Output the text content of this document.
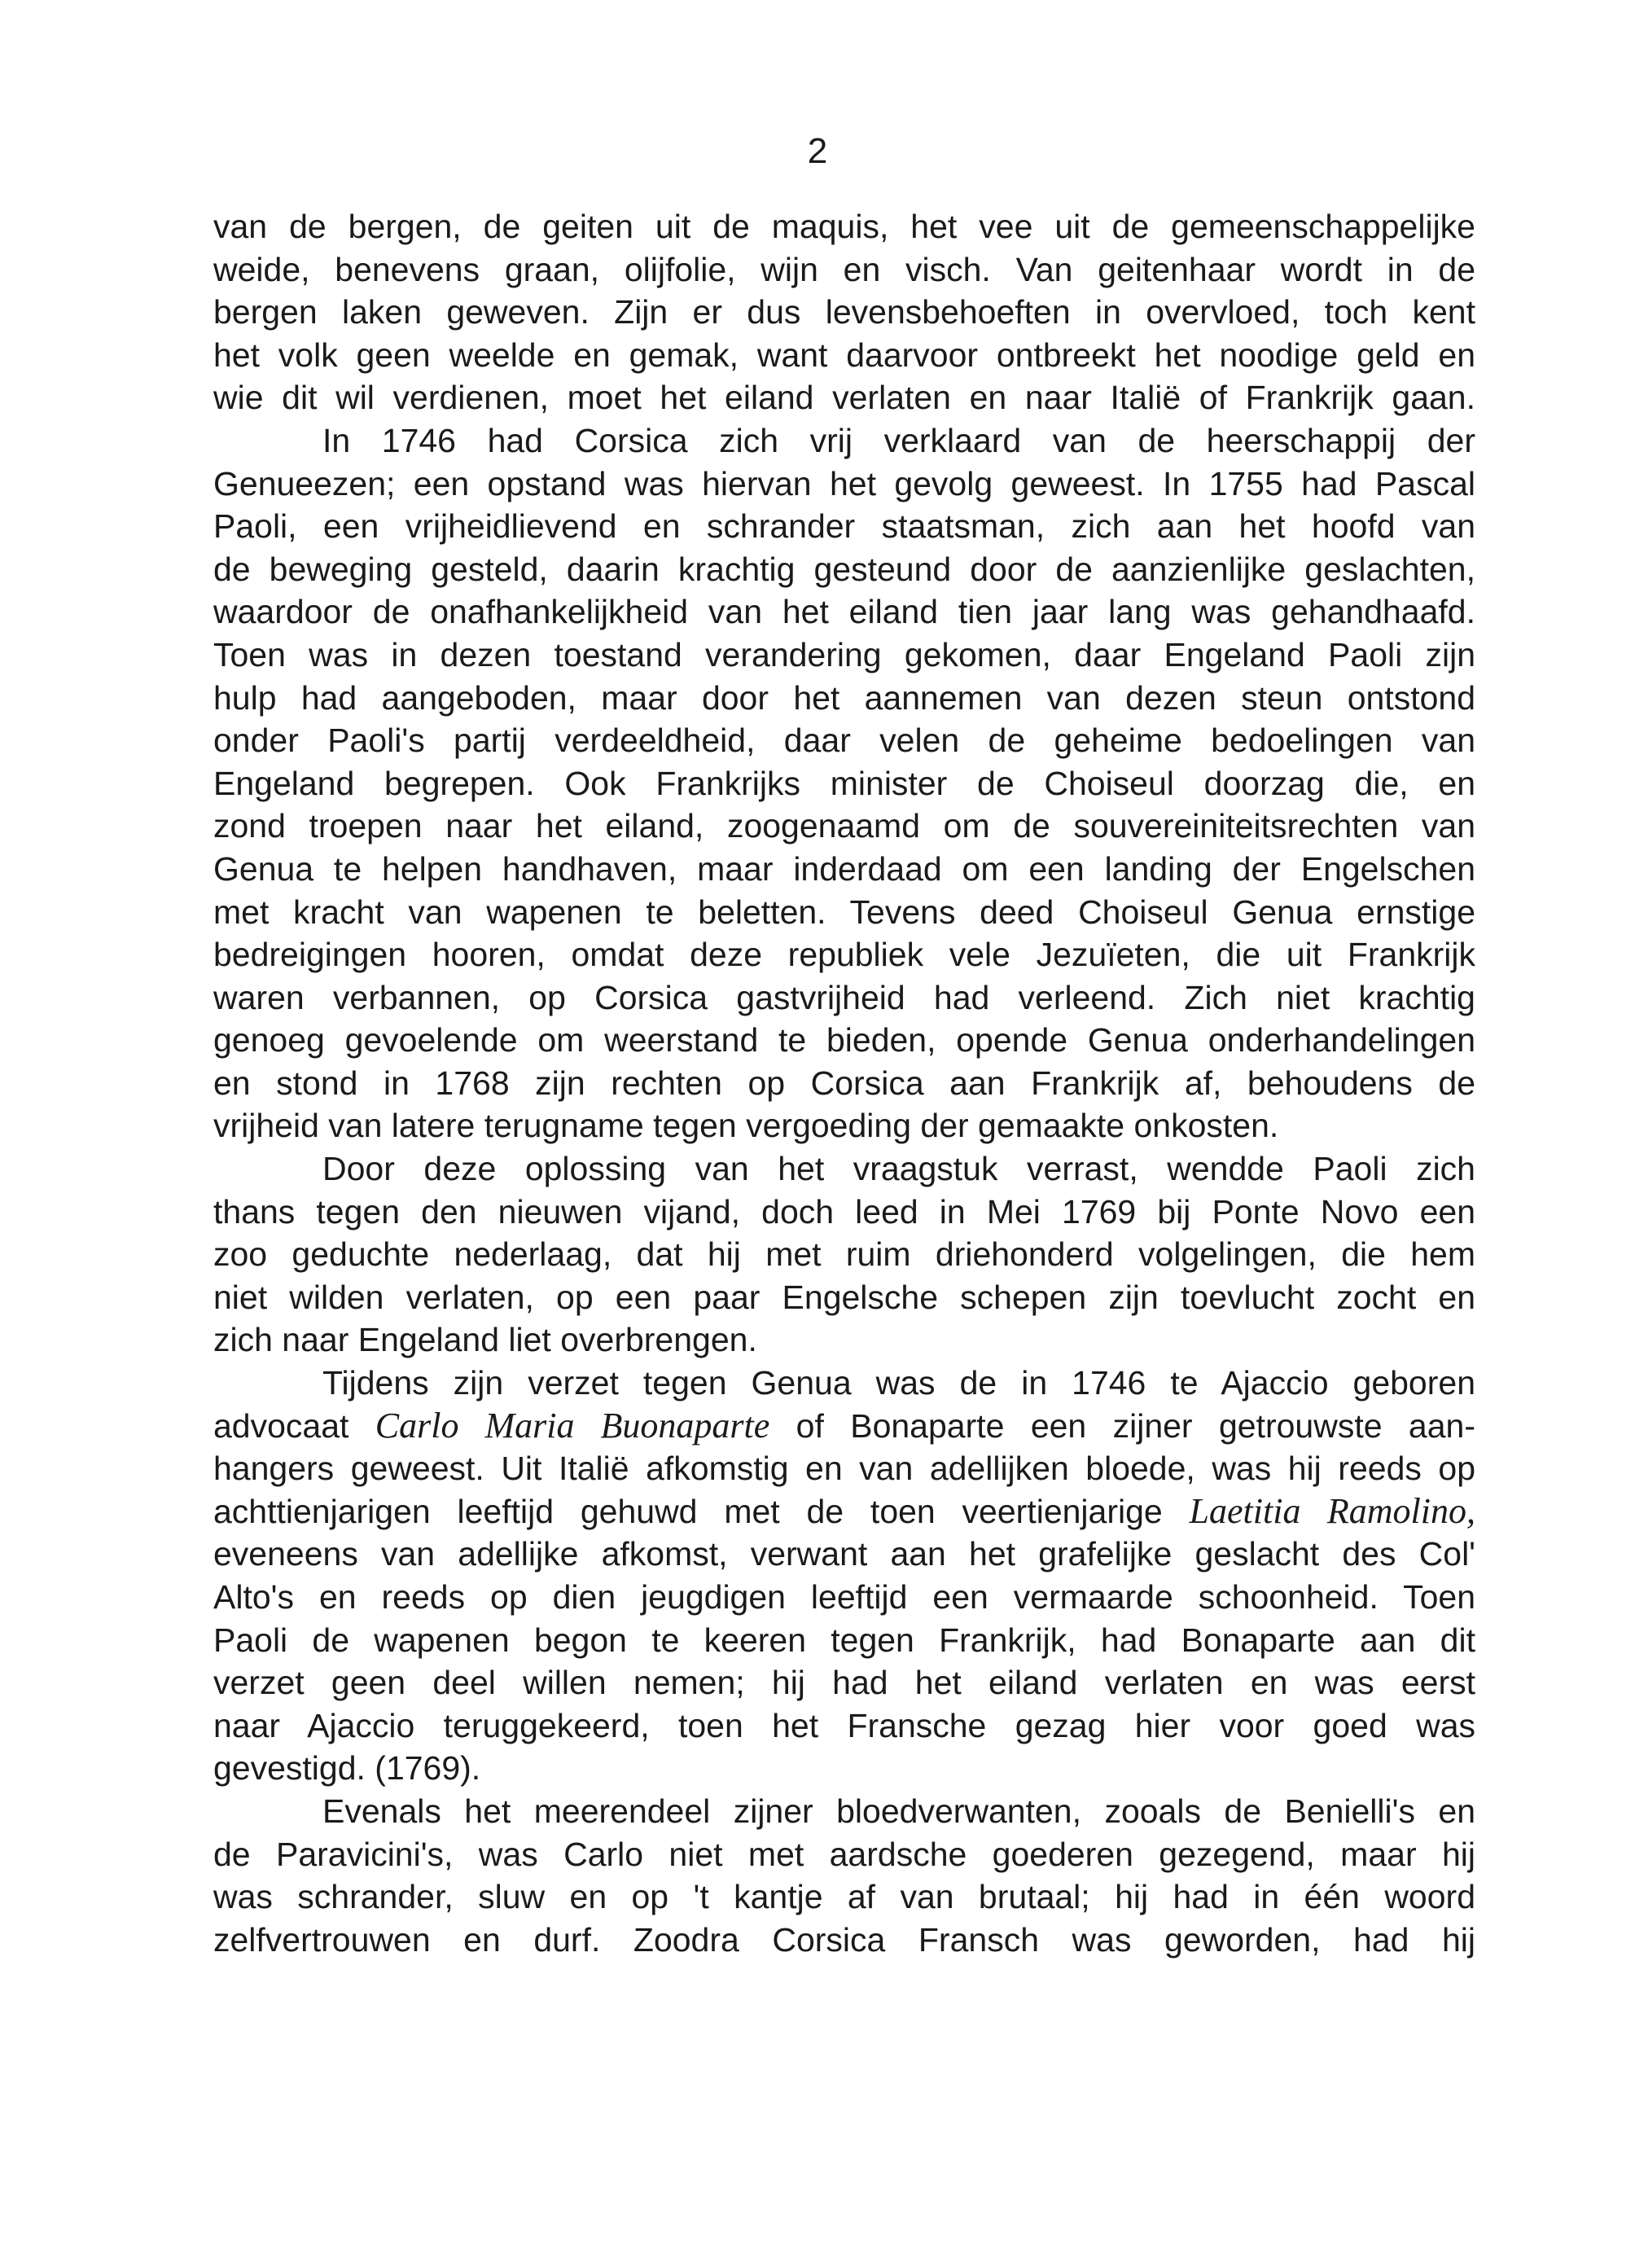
2
van de bergen, de geiten uit de maquis, het vee uit de gemeenschappelijke
weide, benevens graan, olijfolie, wijn en visch. Van geitenhaar wordt in de
bergen laken geweven. Zijn er dus levensbehoeften in overvloed, toch kent
het volk geen weelde en gemak, want daarvoor ontbreekt het noodige geld en
wie dit wil verdienen, moet het eiland verlaten en naar Italië of Frankrijk gaan.
In 1746 had Corsica zich vrij verklaard van de heerschappij der
Genueezen; een opstand was hiervan het gevolg geweest. In 1755 had Pascal
Paoli, een vrijheidlievend en schrander staatsman, zich aan het hoofd van
de beweging gesteld, daarin krachtig gesteund door de aanzienlijke geslachten,
waardoor de onafhankelijkheid van het eiland tien jaar lang was gehandhaafd.
Toen was in dezen toestand verandering gekomen, daar Engeland Paoli zijn
hulp had aangeboden, maar door het aannemen van dezen steun ontstond
onder Paoli's partij verdeeldheid, daar velen de geheime bedoelingen van
Engeland begrepen. Ook Frankrijks minister de Choiseul doorzag die, en
zond troepen naar het eiland, zoogenaamd om de souvereiniteitsrechten van
Genua te helpen handhaven, maar inderdaad om een landing der Engelschen
met kracht van wapenen te beletten. Tevens deed Choiseul Genua ernstige
bedreigingen hooren, omdat deze republiek vele Jezuïeten, die uit Frankrijk
waren verbannen, op Corsica gastvrijheid had verleend. Zich niet krachtig
genoeg gevoelende om weerstand te bieden, opende Genua onderhandelingen
en stond in 1768 zijn rechten op Corsica aan Frankrijk af, behoudens de
vrijheid van latere terugname tegen vergoeding der gemaakte onkosten.
Door deze oplossing van het vraagstuk verrast, wendde Paoli zich
thans tegen den nieuwen vijand, doch leed in Mei 1769 bij Ponte Novo een
zoo geduchte nederlaag, dat hij met ruim driehonderd volgelingen, die hem
niet wilden verlaten, op een paar Engelsche schepen zijn toevlucht zocht en
zich naar Engeland liet overbrengen.
Tijdens zijn verzet tegen Genua was de in 1746 te Ajaccio geboren
advocaat Carlo Maria Buonaparte of Bonaparte een zijner getrouwste aan-
hangers geweest. Uit Italië afkomstig en van adellijken bloede, was hij reeds op
achttienjarigen leeftijd gehuwd met de toen veertienjarige Laetitia Ramolino,
eveneens van adellijke afkomst, verwant aan het grafelijke geslacht des Col'
Alto's en reeds op dien jeugdigen leeftijd een vermaarde schoonheid. Toen
Paoli de wapenen begon te keeren tegen Frankrijk, had Bonaparte aan dit
verzet geen deel willen nemen; hij had het eiland verlaten en was eerst
naar Ajaccio teruggekeerd, toen het Fransche gezag hier voor goed was
gevestigd. (1769).
Evenals het meerendeel zijner bloedverwanten, zooals de Benielli's en
de Paravicini's, was Carlo niet met aardsche goederen gezegend, maar hij
was schrander, sluw en op 't kantje af van brutaal; hij had in één woord
zelfvertrouwen en durf. Zoodra Corsica Fransch was geworden, had hij
